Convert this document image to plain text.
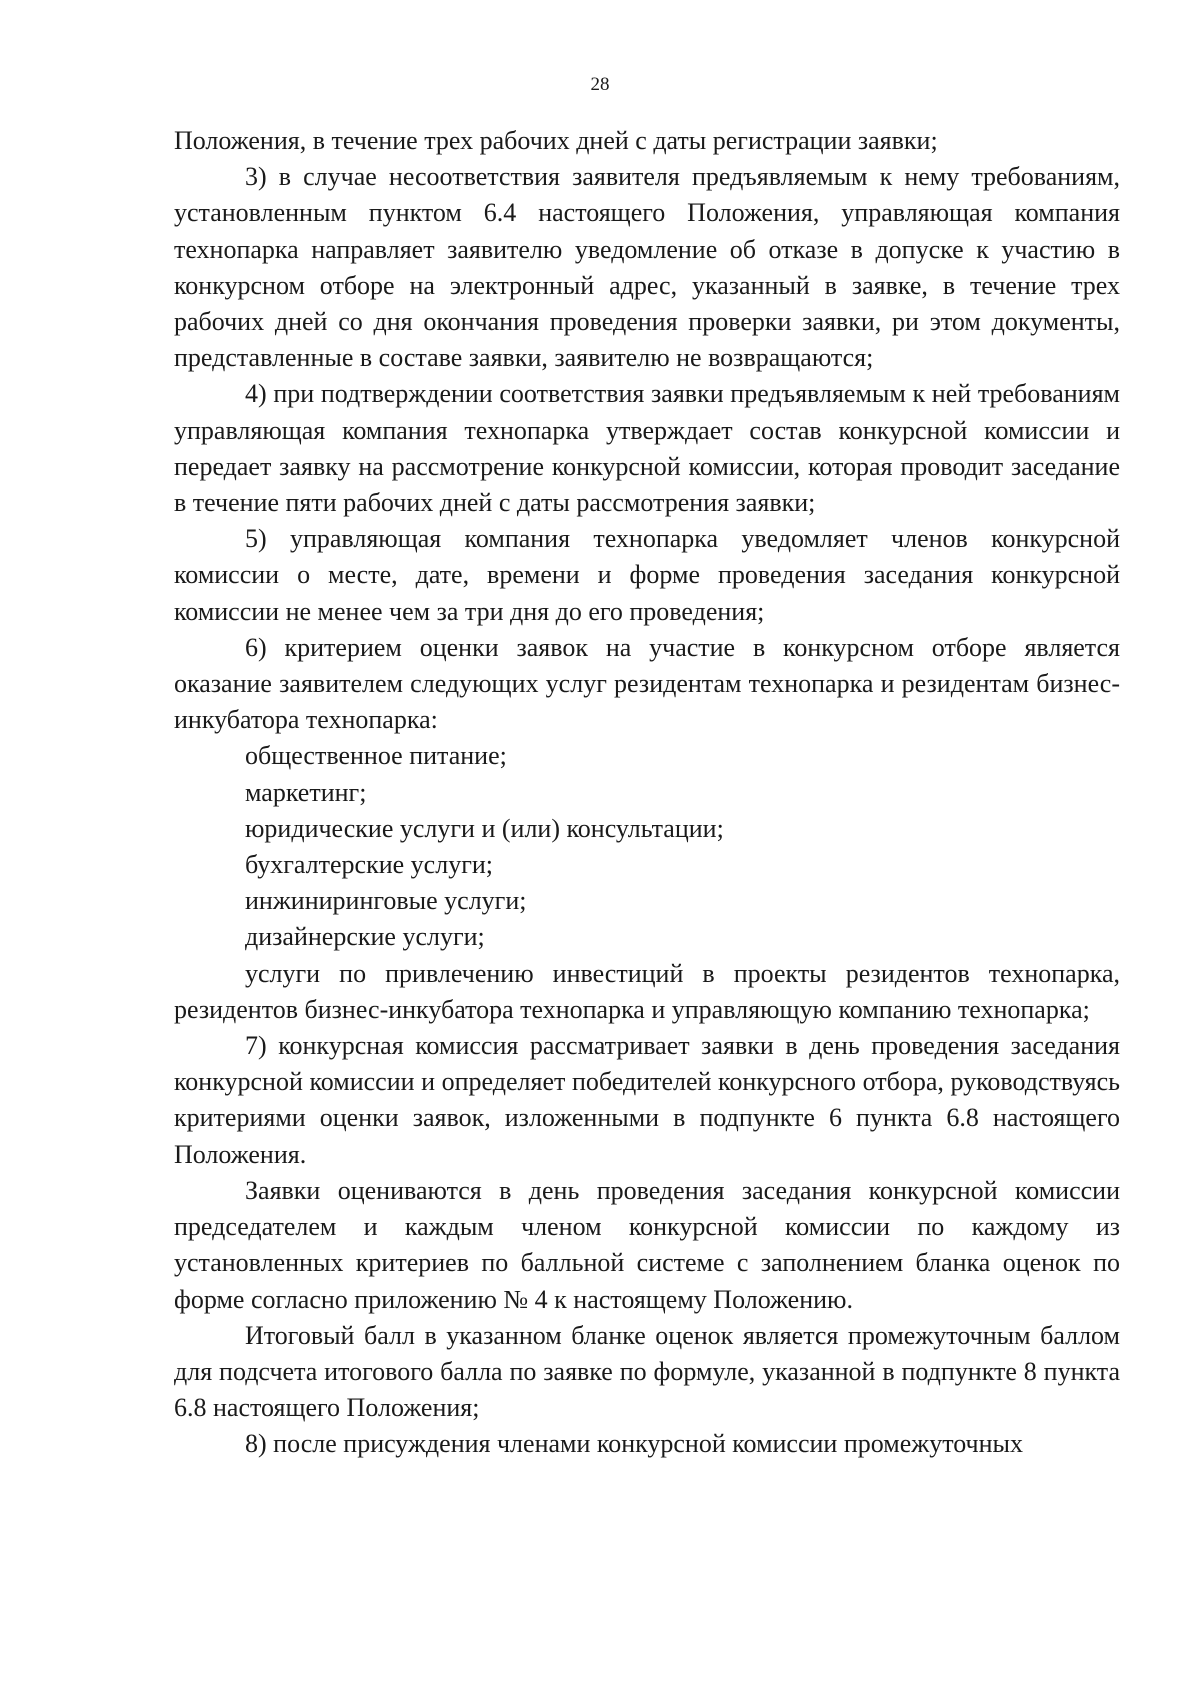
28

Положения, в течение трех рабочих дней с даты регистрации заявки;

3) в случае несоответствия заявителя предъявляемым к нему требованиям, установленным пунктом 6.4 настоящего Положения, управляющая компания технопарка направляет заявителю уведомление об отказе в допуске к участию в конкурсном отборе на электронный адрес, указанный в заявке, в течение трех рабочих дней со дня окончания проведения проверки заявки, ри этом документы, представленные в составе заявки, заявителю не возвращаются;

4) при подтверждении соответствия заявки предъявляемым к ней требованиям управляющая компания технопарка утверждает состав конкурсной комиссии и передает заявку на рассмотрение конкурсной комиссии, которая проводит заседание в течение пяти рабочих дней с даты рассмотрения заявки;

5) управляющая компания технопарка уведомляет членов конкурсной комиссии о месте, дате, времени и форме проведения заседания конкурсной комиссии не менее чем за три дня до его проведения;

6) критерием оценки заявок на участие в конкурсном отборе является оказание заявителем следующих услуг резидентам технопарка и резидентам бизнес-инкубатора технопарка:

общественное питание;

маркетинг;

юридические услуги и (или) консультации;

бухгалтерские услуги;

инжиниринговые услуги;

дизайнерские услуги;

услуги по привлечению инвестиций в проекты резидентов технопарка, резидентов бизнес-инкубатора технопарка и управляющую компанию технопарка;

7) конкурсная комиссия рассматривает заявки в день проведения заседания конкурсной комиссии и определяет победителей конкурсного отбора, руководствуясь критериями оценки заявок, изложенными в подпункте 6 пункта 6.8 настоящего Положения.

Заявки оцениваются в день проведения заседания конкурсной комиссии председателем и каждым членом конкурсной комиссии по каждому из установленных критериев по балльной системе с заполнением бланка оценок по форме согласно приложению № 4 к настоящему Положению.

Итоговый балл в указанном бланке оценок является промежуточным баллом для подсчета итогового балла по заявке по формуле, указанной в подпункте 8 пункта 6.8 настоящего Положения;

8) после присуждения членами конкурсной комиссии промежуточных
